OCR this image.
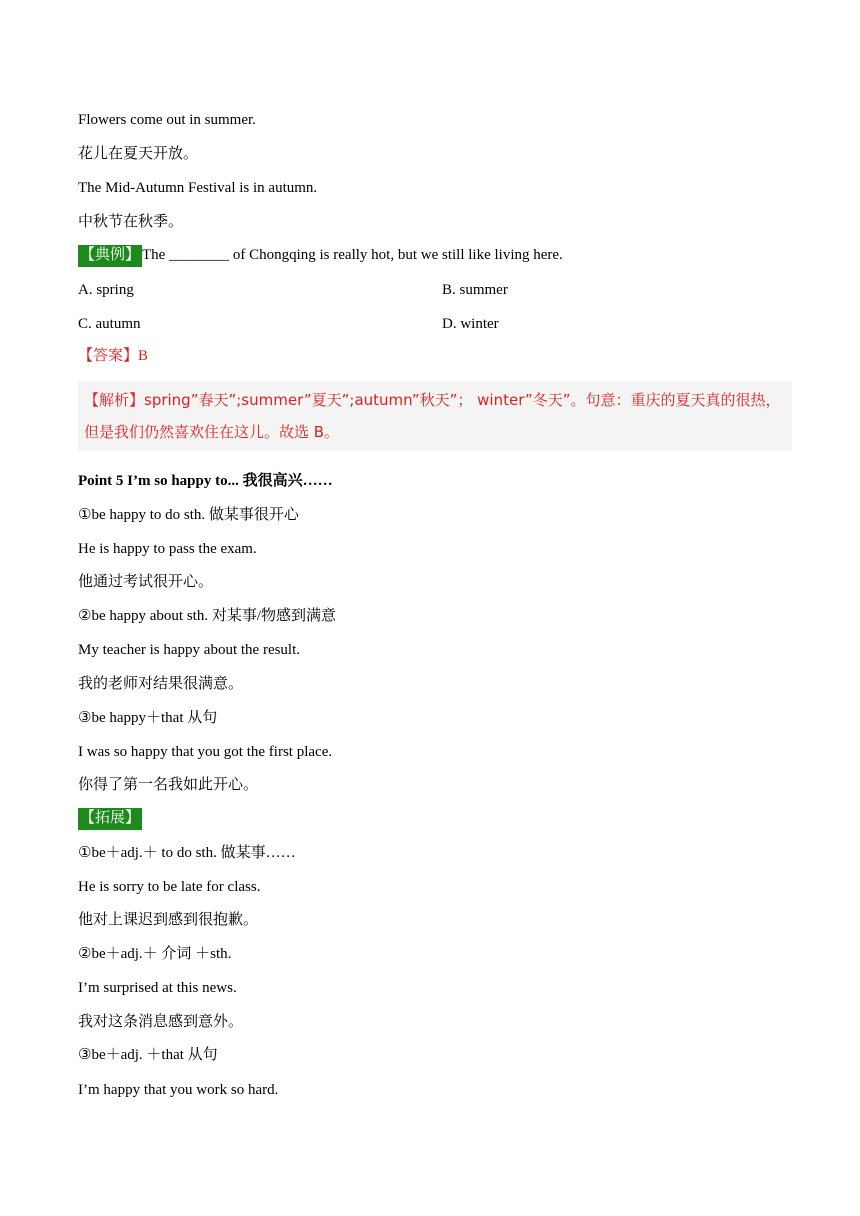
Flowers come out in summer.
花儿在夏天开放。
The Mid-Autumn Festival is in autumn.
中秋节在秋季。
【典例】 The ________ of Chongqing is really hot, but we still like living here.
A. spring	B. summer
C. autumn	D. winter
【答案】B
【解析】spring”春天”;summer”夏天”;autumn”秋天”； winter”冬天”。句意：重庆的夏天真的很热，
但是我们仍然喜欢住在这儿。故选 B。
Point 5 I’m so happy to... 我很高兴……
①be happy to do sth. 做某事很开心
He is happy to pass the exam.
他通过考试很开心。
②be happy about sth. 对某事/物感到满意
My teacher is happy about the result.
我的老师对结果很满意。
③be happy＋that 从句
I was so happy that you got the first place.
你得了第一名我如此开心。
【拓展】
①be＋adj.＋ to do sth. 做某事……
He is sorry to be late for class.
他对上课迟到感到很抱歉。
②be＋adj.＋ 介词 ＋sth.
I’m surprised at this news.
我对这条消息感到意外。
③be＋adj. ＋that 从句
I’m happy that you work so hard.
